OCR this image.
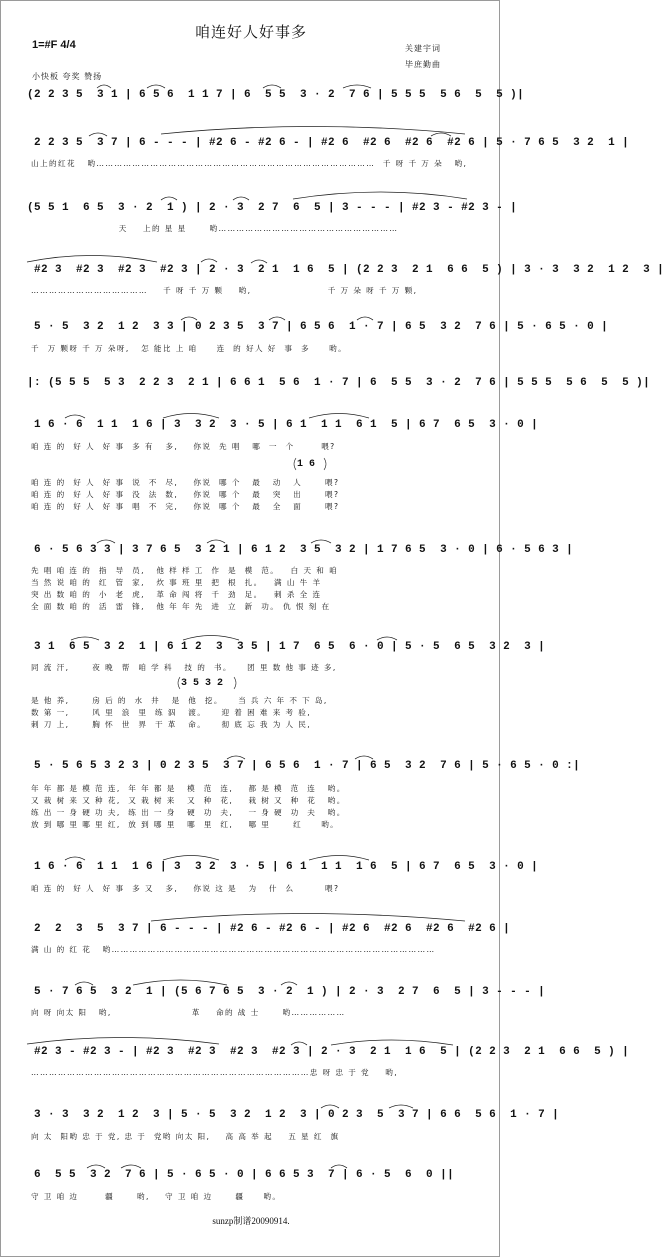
咱连好人好事多
关建宇词
毕庶勤曲
1=#F 4/4
小快板 夸奖 赞扬
(2 2 3 5  3 1 | 6 5 6  1 1 7 | 6  5 5  3 · 2  7 6 | 5 5 5  5 6  5  5 )|
2 2 3 5  3 7 | 6 - - - | #2 6 - #2 6 - | #2 6  #2 6  #2 6  #2 6 | 5 · 7 6 5  3 2  1 |
山上的红花   哟…………………………………………………………………………………  千 呀 千 万 朵   哟,
(5 5 1  6 5  3 · 2  1 ) | 2 · 3  2 7  6  5 | 3 - - - | #2 3 - #2 3 - |
天    上的 星 星      哟……………………………………………………
#2 3  #2 3  #2 3  #2 3 | 2 · 3  2 1  1 6  5 | (2 2 3  2 1  6 6  5 ) | 3 · 3  3 2  1 2  3 |
…………………………………    千 呀 千 万 颗    哟,                    千 万 朵 呀 千 万 颗,
5 · 5  3 2  1 2  3 3 | 0 2 3 5  3 7 | 6 5 6  1 · 7 | 6 5  3 2  7 6 | 5 · 6 5 · 0 |
千  万 颗呀 千 万 朵呀,   怎 能比 上 咱     连  的 好人 好  事  多     哟。
|: (5 5 5  5 3  2 2 3  2 1 | 6 6 1  5 6  1 · 7 | 6  5 5  3 · 2  7 6 | 5 5 5  5 6  5  5 )|
1 6 · 6  1 1  1 6 | 3  3 2  3 · 5 | 6 1  1 1  6 1  5 | 6 7  6 5  3 · 0 |
咱 连 的  好 人  好 事  多 有   多,    你说  先 唱   哪  一  个       喂?
咱 连 的  好 人  好 事  说  不  尽,    你说  哪 个   最   动   人      喂?
咱 连 的  好 人  好 事  没  法  数,    你说  哪 个   最   突   出      喂?
咱 连 的  好 人  好 事  唱  不  完,    你说  哪 个   最   全   面      喂?
6 · 5 6 3 3 | 3 7 6 5  3 2 1 | 6 1 2  3 5  3 2 | 1 7 6 5  3 · 0 | 6 · 5 6 3 |
先 唱 咱 连 的  指  导  员,   他 样 样 工  作  是  模  范。   白 天 和 咱
当 然 说 咱 的  红  管  家,   炊 事 班 里  把  根  扎。   满 山 牛 羊
突 出 数 咱 的  小  老  虎,   革 命 闯 将  千  劲  足。   刺 杀 全 连
全 面 数 咱 的  活  雷  锋,   他 年 年 先  进  立  新  功。 仇 恨 刻 在
3 1  6 5  3 2  1 | 6 1 2  3  3 5 | 1 7  6 5  6 · 0 | 5 · 5  6 5  3 2  3 |
同 流 汗,      夜 晚  帮  咱 学 科   技 的  书。    团 里 数 他 事 迹 多,
是 他 养,      房 后 的  水  井   是  他  挖。    当 兵 六 年 不 下 岛,
数 第 一,      风 里  浪  里  练 泅   渡。    迎 着 困 难 来 考 验,
刺 刀 上,      胸 怀  世  界  干 革   命。    彻 底 忘 我 为 人 民,
5 · 5 6 5 3 2 3 | 0 2 3 5  3 7 | 6 5 6  1 · 7 | 6 5  3 2  7 6 | 5 · 6 5 · 0 :|
年 年 都 是 模 范 连,  年 年 都 是   模  范  连,    都 是 模  范  连   哟。
又 栽 树 来 又 种 花,  又 栽 树 来   又  种  花,    栽 树 又  种  花   哟。
练 出 一 身 硬 功 夫,  练 出 一 身   硬  功  夫,    一 身 硬  功  夫   哟。
放 到 哪 里 哪 里 红,  放 到 哪 里   哪  里  红,    哪 里      红     哟。
1 6 · 6  1 1  1 6 | 3  3 2  3 · 5 | 6 1  1 1  1 6  5 | 6 7  6 5  3 · 0 |
咱 连 的  好 人  好 事  多 又   多,    你说 这 是   为   什  么        喂?
2  2  3  5  3 7 | 6 - - - | #2 6 - #2 6 - | #2 6  #2 6  #2 6  #2 6 |
满 山 的 红 花   哟………………………………………………………………………………………………
5 · 7 6 5  3 2  1 | (5 6 7 6 5  3 · 2  1 ) | 2 · 3  2 7  6  5 | 3 - - - |
向 呀 向太 阳   哟,                     革    命的 战 士      哟………………
#2 3 - #2 3 - | #2 3  #2 3  #2 3  #2 3 | 2 · 3  2 1  1 6  5 | (2 2 3  2 1  6 6  5 ) |
…………………………………………………………………………………忠 呀 忠 于 党    哟,
3 · 3  3 2  1 2  3 | 5 · 5  3 2  1 2  3 | 0 2 3  5  3 7 | 6 6  5 6  1 · 7 |
向 太  阳哟 忠 于 党, 忠 于  党哟 向太 阳,    高 高 举 起    五 星 红  旗
6  5 5  3 2  7 6 | 5 · 6 5 · 0 | 6 6 5 3  7 | 6 · 5  6  0 ||
守 卫 咱 边       疆      哟,    守 卫 咱 边      疆     哟。
1 6
3 5 3 2
sunzp制谱20090914.
